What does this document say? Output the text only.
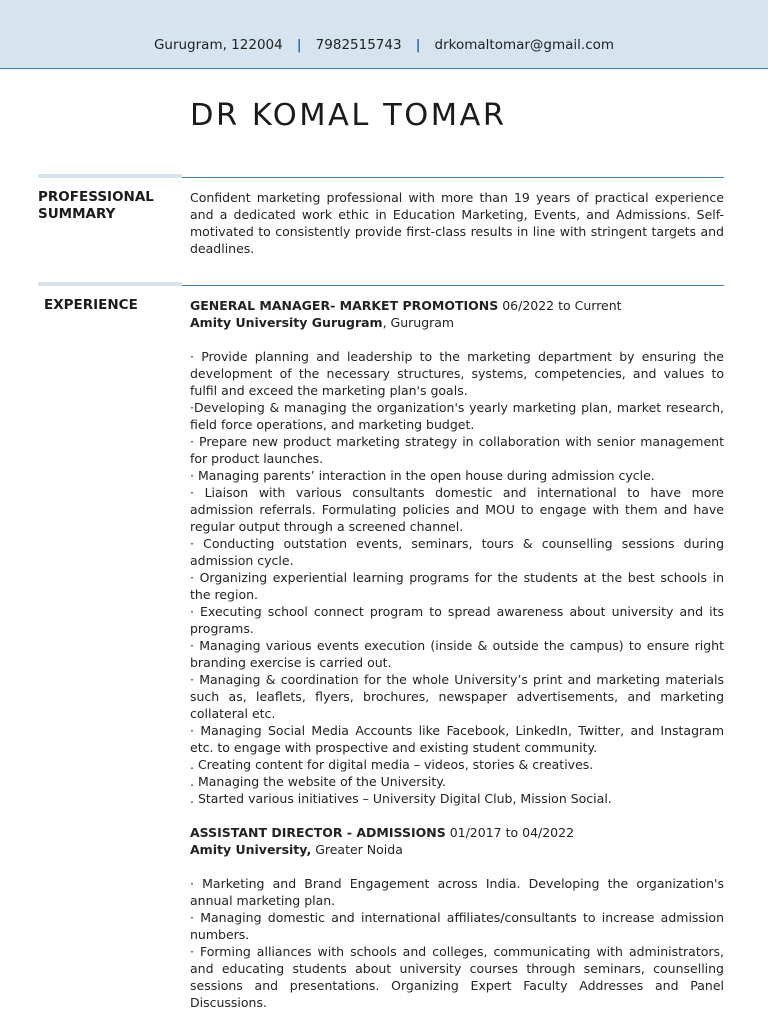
Gurugram, 122004 | 7982515743 | drkomaltomar@gmail.com
DR KOMAL TOMAR
PROFESSIONAL
SUMMARY
Confident marketing professional with more than 19 years of practical experience and a dedicated work ethic in Education Marketing, Events, and Admissions. Self-motivated to consistently provide first-class results in line with stringent targets and deadlines.
EXPERIENCE	GENERAL MANAGER- MARKET PROMOTIONS 06/2022 to Current
Amity University Gurugram, Gurugram

· Provide planning and leadership to the marketing department by ensuring the development of the necessary structures, systems, competencies, and values to fulfil and exceed the marketing plan's goals.

·Developing & managing the organization's yearly marketing plan, market research, field force operations, and marketing budget.

· Prepare new product marketing strategy in collaboration with senior management for product launches.

· Managing parents’ interaction in the open house during admission cycle.

· Liaison with various consultants domestic and international to have more admission referrals. Formulating policies and MOU to engage with them and have regular output through a screened channel.

· Conducting outstation events, seminars, tours & counselling sessions during admission cycle.

· Organizing experiential learning programs for the students at the best schools in the region.

· Executing school connect program to spread awareness about university and its programs.

· Managing various events execution (inside & outside the campus) to ensure right branding exercise is carried out.

· Managing & coordination for the whole University’s print and marketing materials such as, leaflets, flyers, brochures, newspaper advertisements, and marketing collateral etc.

· Managing Social Media Accounts like Facebook, LinkedIn, Twitter, and Instagram etc. to engage with prospective and existing student community.

. Creating content for digital media – videos, stories & creatives.

. Managing the website of the University.

. Started various initiatives – University Digital Club, Mission Social.

ASSISTANT DIRECTOR - ADMISSIONS 01/2017 to 04/2022
Amity University, Greater Noida

· Marketing and Brand Engagement across India. Developing the organization's annual marketing plan.

· Managing domestic and international affiliates/consultants to increase admission numbers.

· Forming alliances with schools and colleges, communicating with administrators, and educating students about university courses through seminars, counselling sessions and presentations. Organizing Expert Faculty Addresses and Panel Discussions.
